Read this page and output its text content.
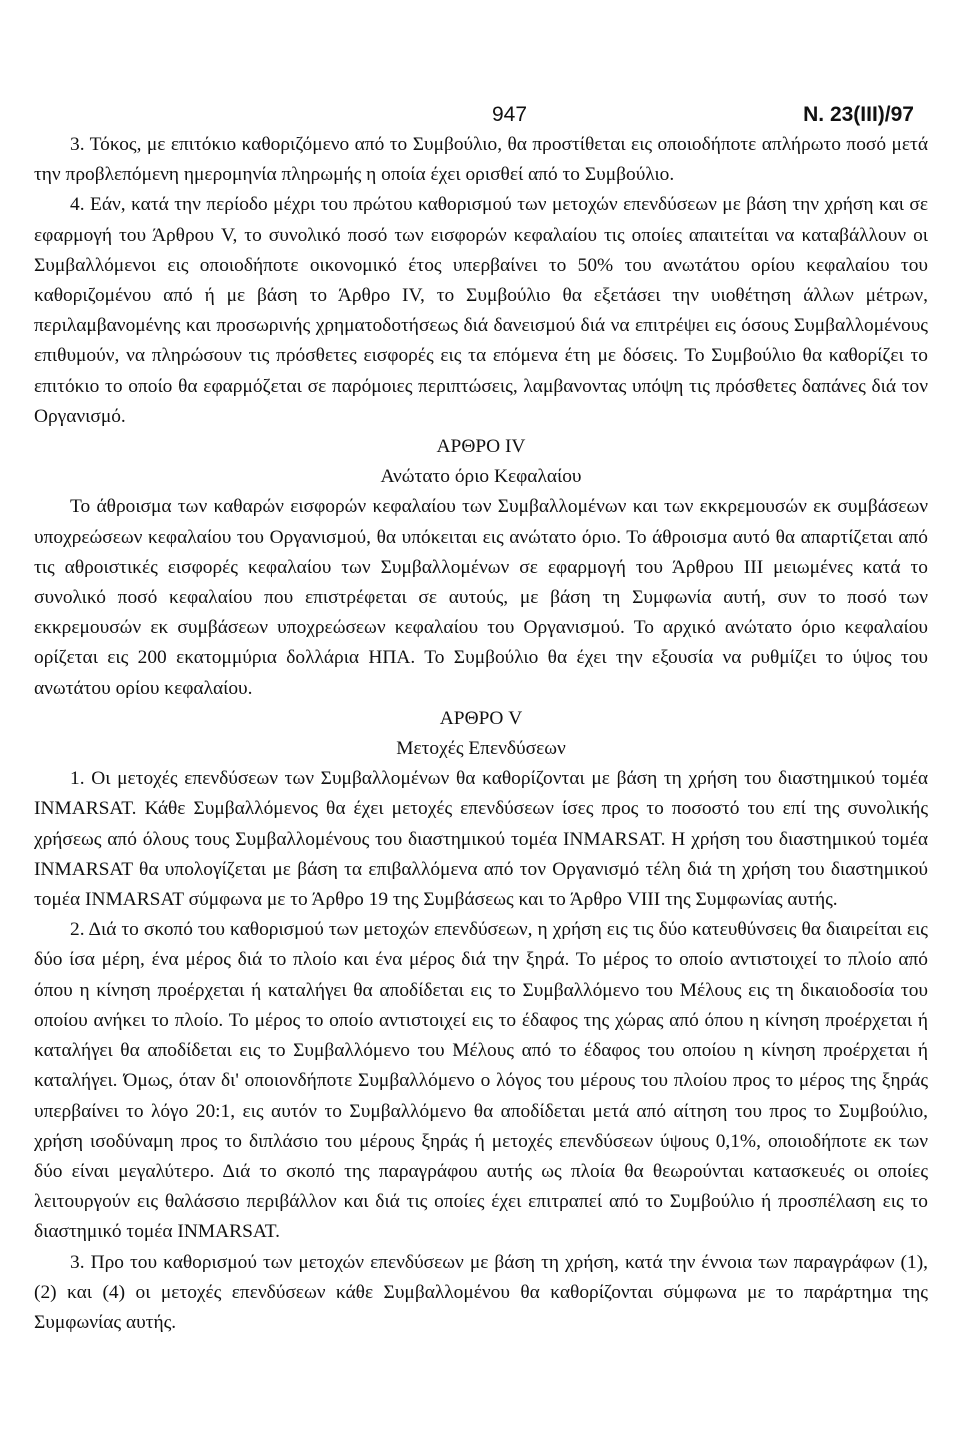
947	Ν. 23(III)/97

3. Τόκος, με επιτόκιο καθοριζόμενο από το Συμβούλιο, θα προστίθεται εις οποιοδήποτε απλήρωτο ποσό μετά την προβλεπόμενη ημερομηνία πληρωμής η οποία έχει ορισθεί από το Συμβούλιο.

4. Εάν, κατά την περίοδο μέχρι του πρώτου καθορισμού των μετοχών επενδύσεων με βάση την χρήση και σε εφαρμογή του Άρθρου V, το συνολικό ποσό των εισφορών κεφαλαίου τις οποίες απαιτείται να καταβάλλουν οι Συμβαλλόμενοι εις οποιοδήποτε οικονομικό έτος υπερβαίνει το 50% του ανωτάτου ορίου κεφαλαίου του καθοριζομένου από ή με βάση το Άρθρο IV, το Συμβούλιο θα εξετάσει την υιοθέτηση άλλων μέτρων, περιλαμβανομένης και προσωρινής χρηματοδοτήσεως διά δανεισμού διά να επιτρέψει εις όσους Συμβαλλομένους επιθυμούν, να πληρώσουν τις πρόσθετες εισφορές εις τα επόμενα έτη με δόσεις. Το Συμβούλιο θα καθορίζει το επιτόκιο το οποίο θα εφαρμόζεται σε παρόμοιες περιπτώσεις, λαμβανοντας υπόψη τις πρόσθετες δαπάνες διά τον Οργανισμό.

ΑΡΘΡΟ IV
Ανώτατο όριο Κεφαλαίου

Το άθροισμα των καθαρών εισφορών κεφαλαίου των Συμβαλλομένων και των εκκρεμουσών εκ συμβάσεων υποχρεώσεων κεφαλαίου του Οργανισμού, θα υπόκειται εις ανώτατο όριο. Το άθροισμα αυτό θα απαρτίζεται από τις αθροιστικές εισφορές κεφαλαίου των Συμβαλλομένων σε εφαρμογή του Άρθρου III μειωμένες κατά το συνολικό ποσό κεφαλαίου που επιστρέφεται σε αυτούς, με βάση τη Συμφωνία αυτή, συν το ποσό των εκκρεμουσών εκ συμβάσεων υποχρεώσεων κεφαλαίου του Οργανισμού. Το αρχικό ανώτατο όριο κεφαλαίου ορίζεται εις 200 εκατομμύρια δολλάρια ΗΠΑ. Το Συμβούλιο θα έχει την εξουσία να ρυθμίζει το ύψος του ανωτάτου ορίου κεφαλαίου.

ΑΡΘΡΟ V
Μετοχές Επενδύσεων

1. Οι μετοχές επενδύσεων των Συμβαλλομένων θα καθορίζονται με βάση τη χρήση του διαστημικού τομέα INMARSAT. Κάθε Συμβαλλόμενος θα έχει μετοχές επενδύσεων ίσες προς το ποσοστό του επί της συνολικής χρήσεως από όλους τους Συμβαλλομένους του διαστημικού τομέα INMARSAT. Η χρήση του διαστημικού τομέα INMARSAT θα υπολογίζεται με βάση τα επιβαλλόμενα από τον Οργανισμό τέλη διά τη χρήση του διαστημικού τομέα INMARSAT σύμφωνα με το Άρθρο 19 της Συμβάσεως και το Άρθρο VIII της Συμφωνίας αυτής.

2. Διά το σκοπό του καθορισμού των μετοχών επενδύσεων, η χρήση εις τις δύο κατευθύνσεις θα διαιρείται εις δύο ίσα μέρη, ένα μέρος διά το πλοίο και ένα μέρος διά την ξηρά. Το μέρος το οποίο αντιστοιχεί το πλοίο από όπου η κίνηση προέρχεται ή καταλήγει θα αποδίδεται εις το Συμβαλλόμενο του Μέλους εις τη δικαιοδοσία του οποίου ανήκει το πλοίο. Το μέρος το οποίο αντιστοιχεί εις το έδαφος της χώρας από όπου η κίνηση προέρχεται ή καταλήγει θα αποδίδεται εις το Συμβαλλόμενο του Μέλους από το έδαφος του οποίου η κίνηση προέρχεται ή καταλήγει. Όμως, όταν δι' οποιονδήποτε Συμβαλλόμενο ο λόγος του μέρους του πλοίου προς το μέρος της ξηράς υπερβαίνει το λόγο 20:1, εις αυτόν το Συμβαλλόμενο θα αποδίδεται μετά από αίτηση του προς το Συμβούλιο, χρήση ισοδύναμη προς το διπλάσιο του μέρους ξηράς ή μετοχές επενδύσεων ύψους 0,1%, οποιοδήποτε εκ των δύο είναι μεγαλύτερο. Διά το σκοπό της παραγράφου αυτής ως πλοία θα θεωρούνται κατασκευές οι οποίες λειτουργούν εις θαλάσσιο περιβάλλον και διά τις οποίες έχει επιτραπεί από το Συμβούλιο ή προσπέλαση εις το διαστημικό τομέα INMARSAT.

3. Προ του καθορισμού των μετοχών επενδύσεων με βάση τη χρήση, κατά την έννοια των παραγράφων (1), (2) και (4) οι μετοχές επενδύσεων κάθε Συμβαλλομένου θα καθορίζονται σύμφωνα με το παράρτημα της Συμφωνίας αυτής.
